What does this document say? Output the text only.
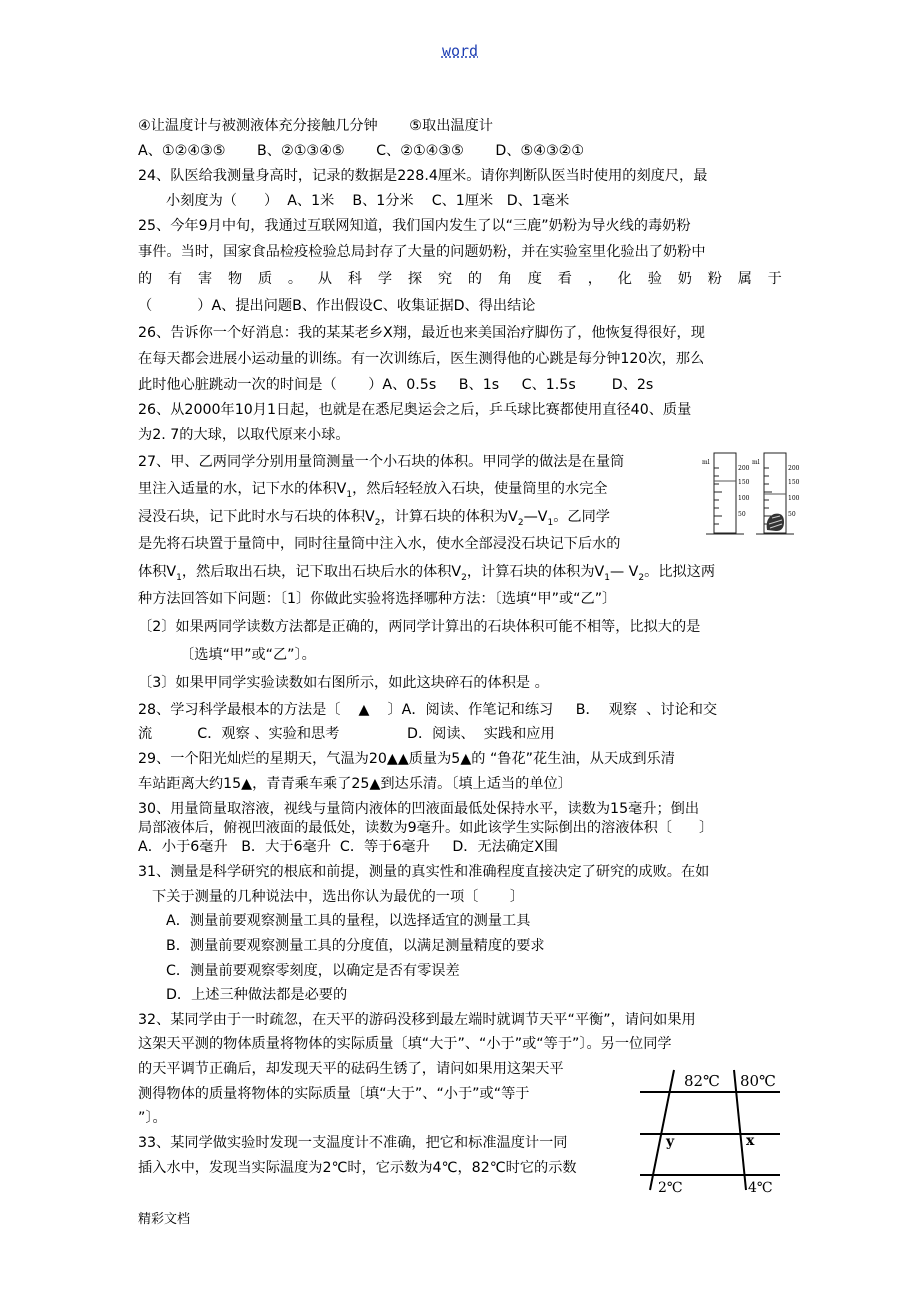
word
④让温度计与被测液体充分接触几分钟       ⑤取出温度计
A、①②④③⑤       B、②①③④⑤       C、②①④③⑤       D、⑤④③②①
24、队医给我测量身高时，记录的数据是228.4厘米。请你判断队医当时使用的刻度尺，最
小刻度为（      ）  A、1米    B、1分米    C、1厘米   D、1毫米
25、今年9月中旬，我通过互联网知道，我们国内发生了以“三鹿”奶粉为导火线的毒奶粉
事件。当时，国家食品检疫检验总局封存了大量的问题奶粉，并在实验室里化验出了奶粉中
的 有 害 物 质 。 从 科 学 探 究 的 角 度 看 ， 化 验 奶 粉 属 于
（          ）A、提出问题B、作出假设C、收集证据D、得出结论
26、告诉你一个好消息：我的某某老乡X翔，最近也来美国治疗脚伤了，他恢复得很好，现
在每天都会进展小运动量的训练。有一次训练后，医生测得他的心跳是每分钟120次，那么
此时他心脏跳动一次的时间是（       ）A、0.5s     B、1s     C、1.5s        D、2s
26、从2000年10月1日起，也就是在悉尼奥运会之后，乒乓球比赛都使用直径40、质量
为2. 7的大球，以取代原来小球。
27、甲、乙两同学分别用量筒测量一个小石块的体积。甲同学的做法是在量筒
里注入适量的水，记下水的体积$V_1$，然后轻轻放入石块，使量筒里的水完全
浸没石块，记下此时水与石块的体积$V_2$，计算石块的体积为$V_2—V_1$。乙同学
是先将石块置于量筒中，同时往量筒中注入水，使水全部浸没石块记下后水的
体积$V_1$，然后取出石块，记下取出石块后水的体积$V_2$，计算石块的体积为$V_1—$ $V_2$。比拟这两
种方法回答如下问题：〔1〕你做此实验将选择哪种方法：〔选填“甲”或“乙”〕
〔2〕如果两同学读数方法都是正确的，两同学计算出的石块体积可能不相等，比拟大的是
〔选填“甲”或“乙”〕。
〔3〕如果甲同学实验读数如右图所示，如此这块碎石的体积是 。
ml
200
150
100
50
ml
200
150
100
50
28、学习科学最根本的方法是〔    ▲    〕A．阅读、作笔记和练习     B．  观察  、讨论和交
流          C．观察 、实验和思考               D．阅读、  实践和应用
29、一个阳光灿烂的星期天，气温为20▲▲质量为5▲的 “鲁花”花生油，从天成到乐清
车站距离大约15▲，青青乘车乘了25▲到达乐清。〔填上适当的单位〕
30、用量筒量取溶液，视线与量筒内液体的凹液面最低处保持水平，读数为15毫升；倒出
局部液体后，俯视凹液面的最低处，读数为9毫升。如此该学生实际倒出的溶液体积〔      〕
A．小于6毫升   B．大于6毫升  C．等于6毫升     D．无法确定X围
31、测量是科学研究的根底和前提，测量的真实性和准确程度直接决定了研究的成败。在如
下关于测量的几种说法中，选出你认为最优的一项〔       〕
A．测量前要观察测量工具的量程，以选择适宜的测量工具
B．测量前要观察测量工具的分度值，以满足测量精度的要求
C．测量前要观察零刻度，以确定是否有零误差
D．上述三种做法都是必要的
32、某同学由于一时疏忽，在天平的游码没移到最左端时就调节天平“平衡”，请问如果用
这架天平测的物体质量将物体的实际质量〔填“大于”、“小于”或“等于”〕。另一位同学
的天平调节正确后，却发现天平的砝码生锈了，请问如果用这架天平
测得物体的质量将物体的实际质量〔填“大于”、“小于”或“等于
”〕。
33、某同学做实验时发现一支温度计不准确，把它和标准温度计一同
插入水中，发现当实际温度为2℃时，它示数为4℃，82℃时它的示数
82℃ 80℃
y	x
2℃	4℃
精彩文档
